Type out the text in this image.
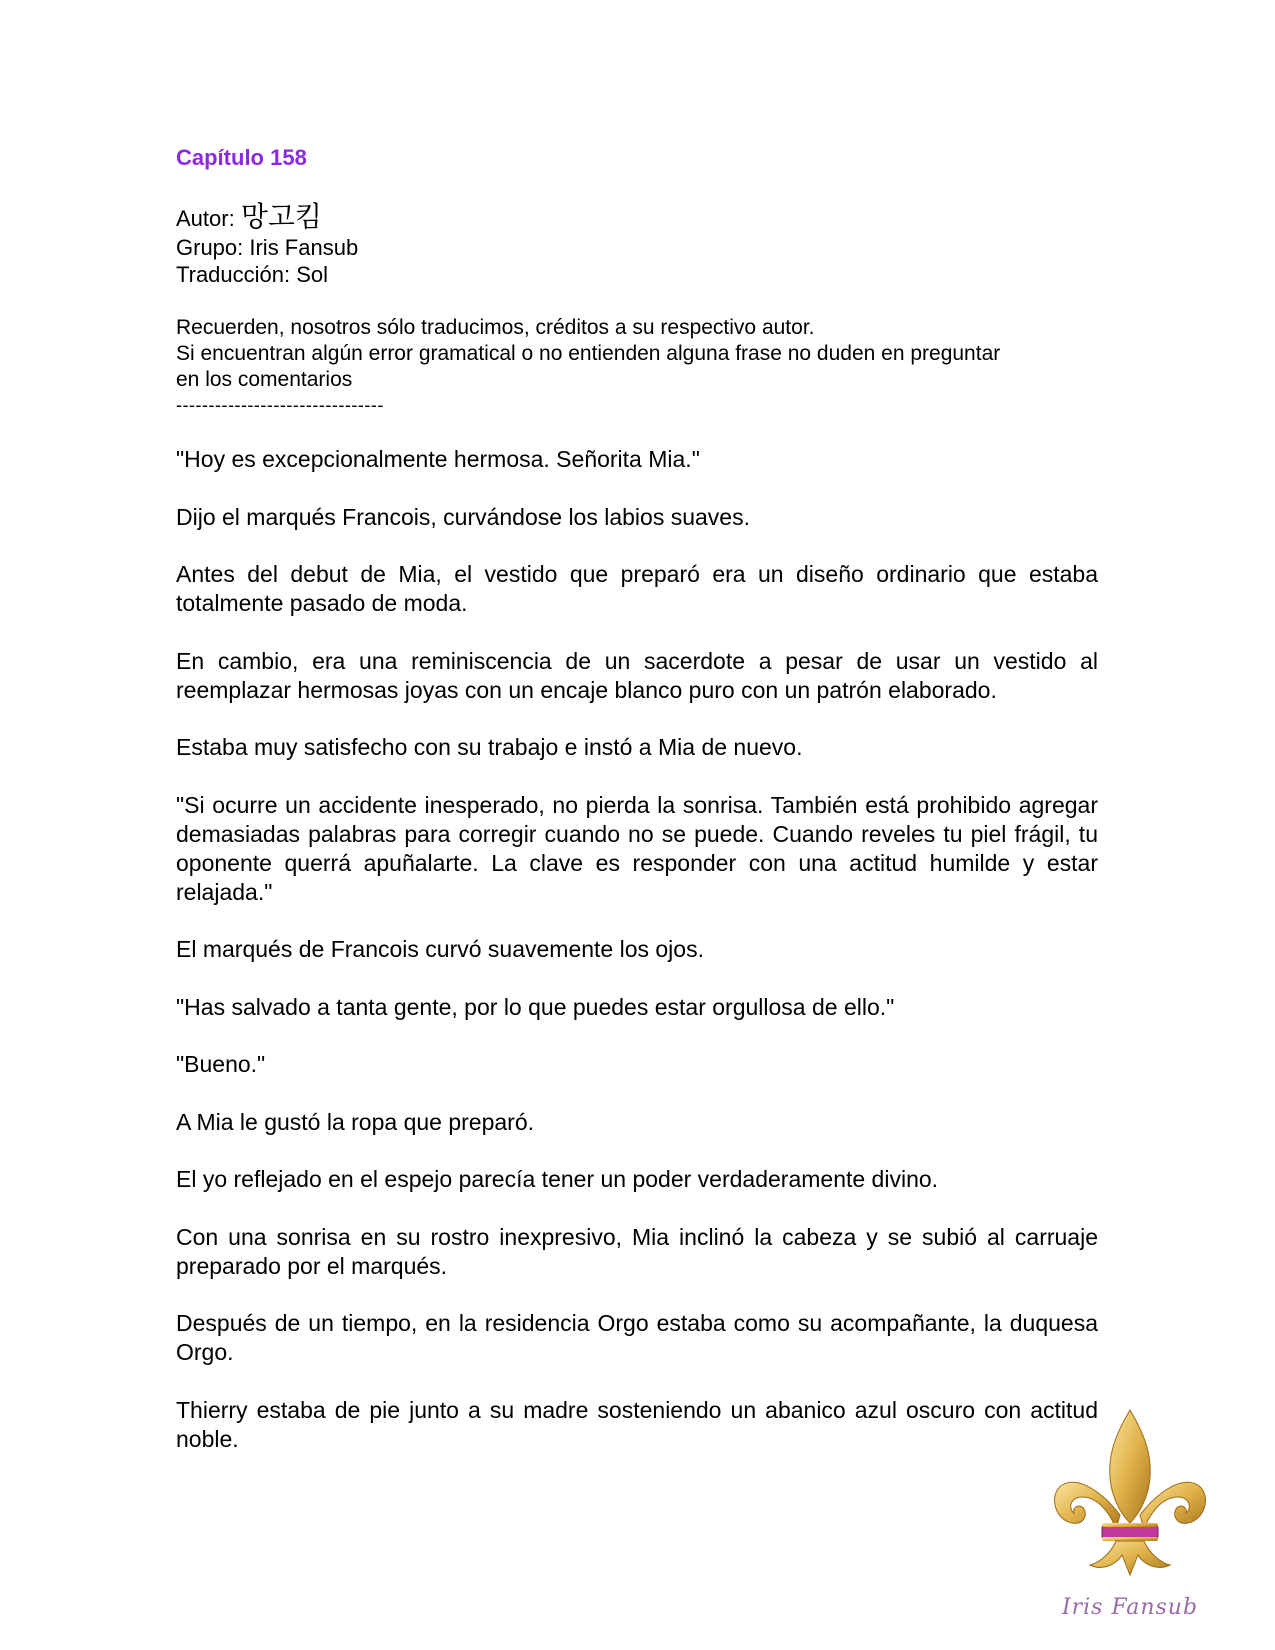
Capítulo 158

Autor: 망고킴

Grupo: Iris Fansub

Traducción: Sol

Recuerden, nosotros sólo traducimos, créditos a su respectivo autor.

Si encuentran algún error gramatical o no entienden alguna frase no duden en preguntar

en los comentarios

--------------------------------

"Hoy es excepcionalmente hermosa. Señorita Mia."

Dijo el marqués Francois, curvándose los labios suaves.

Antes del debut de Mia, el vestido que preparó era un diseño ordinario que estaba totalmente pasado de moda.

En cambio, era una reminiscencia de un sacerdote a pesar de usar un vestido al reemplazar hermosas joyas con un encaje blanco puro con un patrón elaborado.

Estaba muy satisfecho con su trabajo e instó a Mia de nuevo.

"Si ocurre un accidente inesperado, no pierda la sonrisa. También está prohibido agregar demasiadas palabras para corregir cuando no se puede. Cuando reveles tu piel frágil, tu oponente querrá apuñalarte. La clave es responder con una actitud humilde y estar relajada."

El marqués de Francois curvó suavemente los ojos.

"Has salvado a tanta gente, por lo que puedes estar orgullosa de ello."

"Bueno."

A Mia le gustó la ropa que preparó.

El yo reflejado en el espejo parecía tener un poder verdaderamente divino.

Con una sonrisa en su rostro inexpresivo, Mia inclinó la cabeza y se subió al carruaje preparado por el marqués.

Después de un tiempo, en la residencia Orgo estaba como su acompañante, la duquesa Orgo.

Thierry estaba de pie junto a su madre sosteniendo un abanico azul oscuro con actitud noble.

Iris Fansub
